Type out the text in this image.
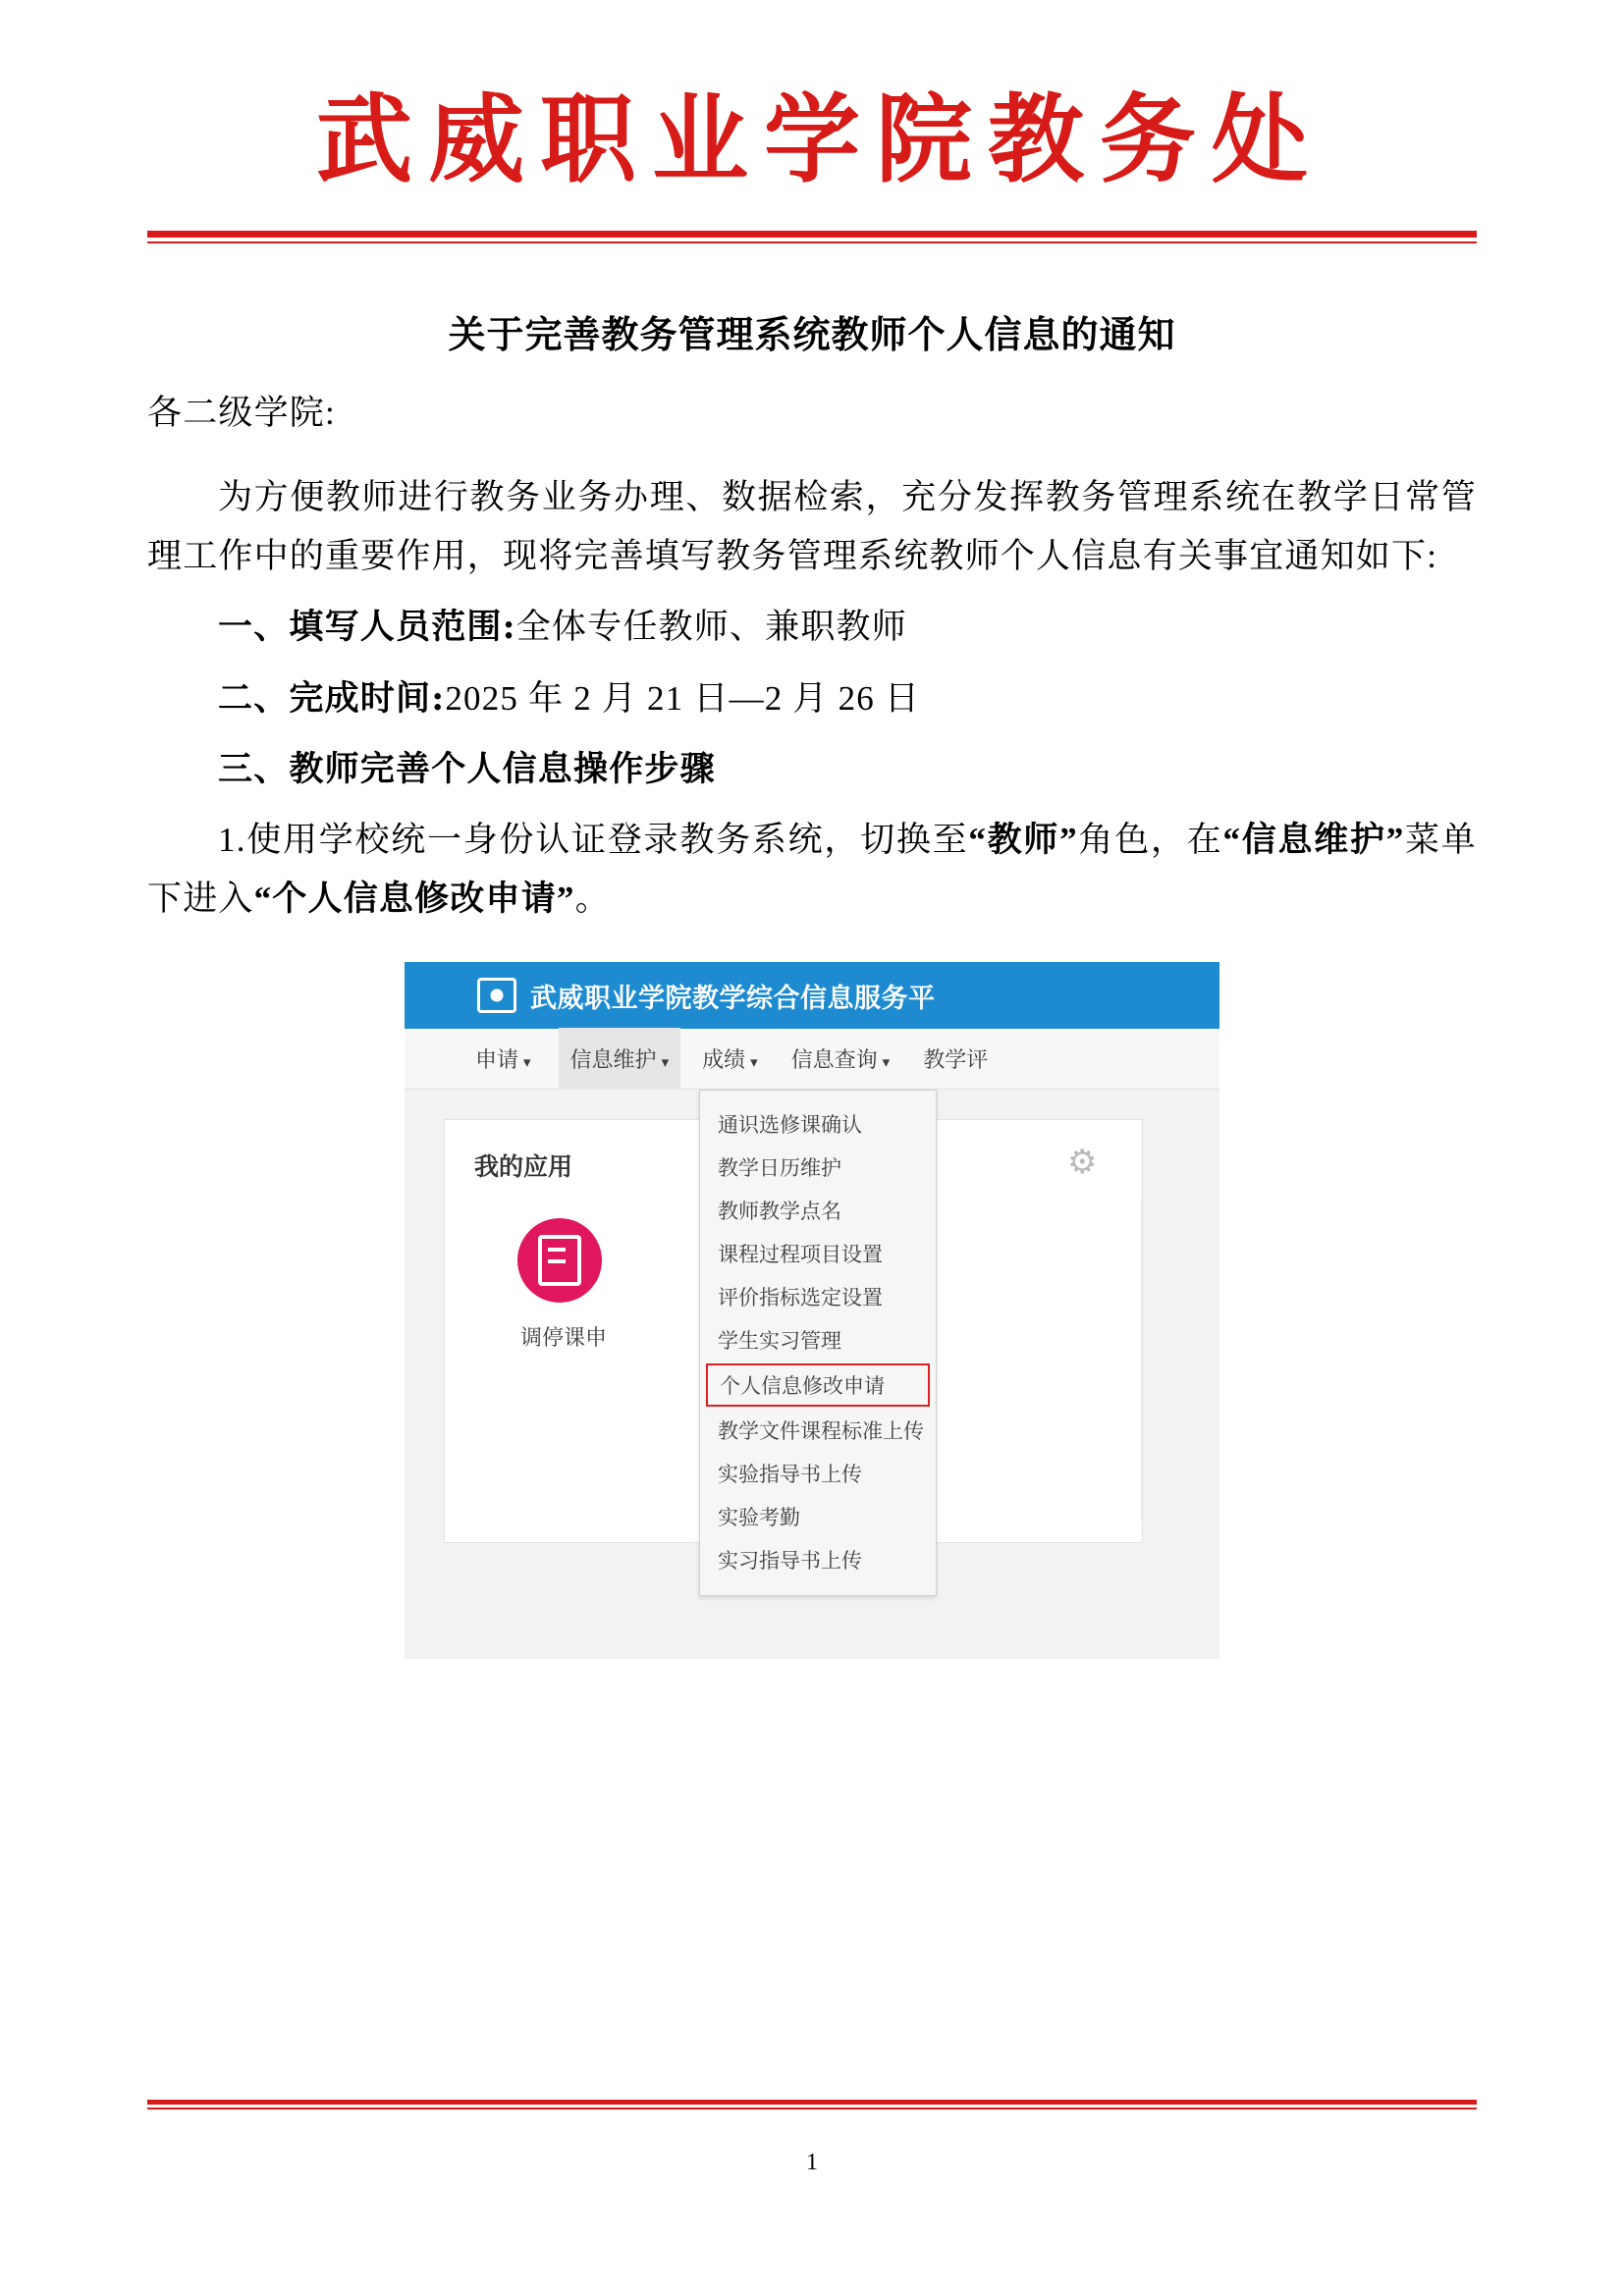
武威职业学院教务处
关于完善教务管理系统教师个人信息的通知
各二级学院:
为方便教师进行教务业务办理、数据检索，充分发挥教务管理系统在教学日常管理工作中的重要作用，现将完善填写教务管理系统教师个人信息有关事宜通知如下:
一、填写人员范围:全体专任教师、兼职教师
二、完成时间:2025 年 2 月 21 日—2 月 26 日
三、教师完善个人信息操作步骤
1.使用学校统一身份认证登录教务系统，切换至“教师”角色，在“信息维护”菜单下进入“个人信息修改申请”。
武威职业学院教学综合信息服务平
申请 ▾	信息维护 ▾	成绩 ▾ 信息查询 ▾ 教学评
我的应用	⚙
调停课申
通识选修课确认
教学日历维护
教师教学点名
课程过程项目设置
评价指标选定设置
学生实习管理
个人信息修改申请
教学文件课程标准上传
实验指导书上传
实验考勤
实习指导书上传
1
